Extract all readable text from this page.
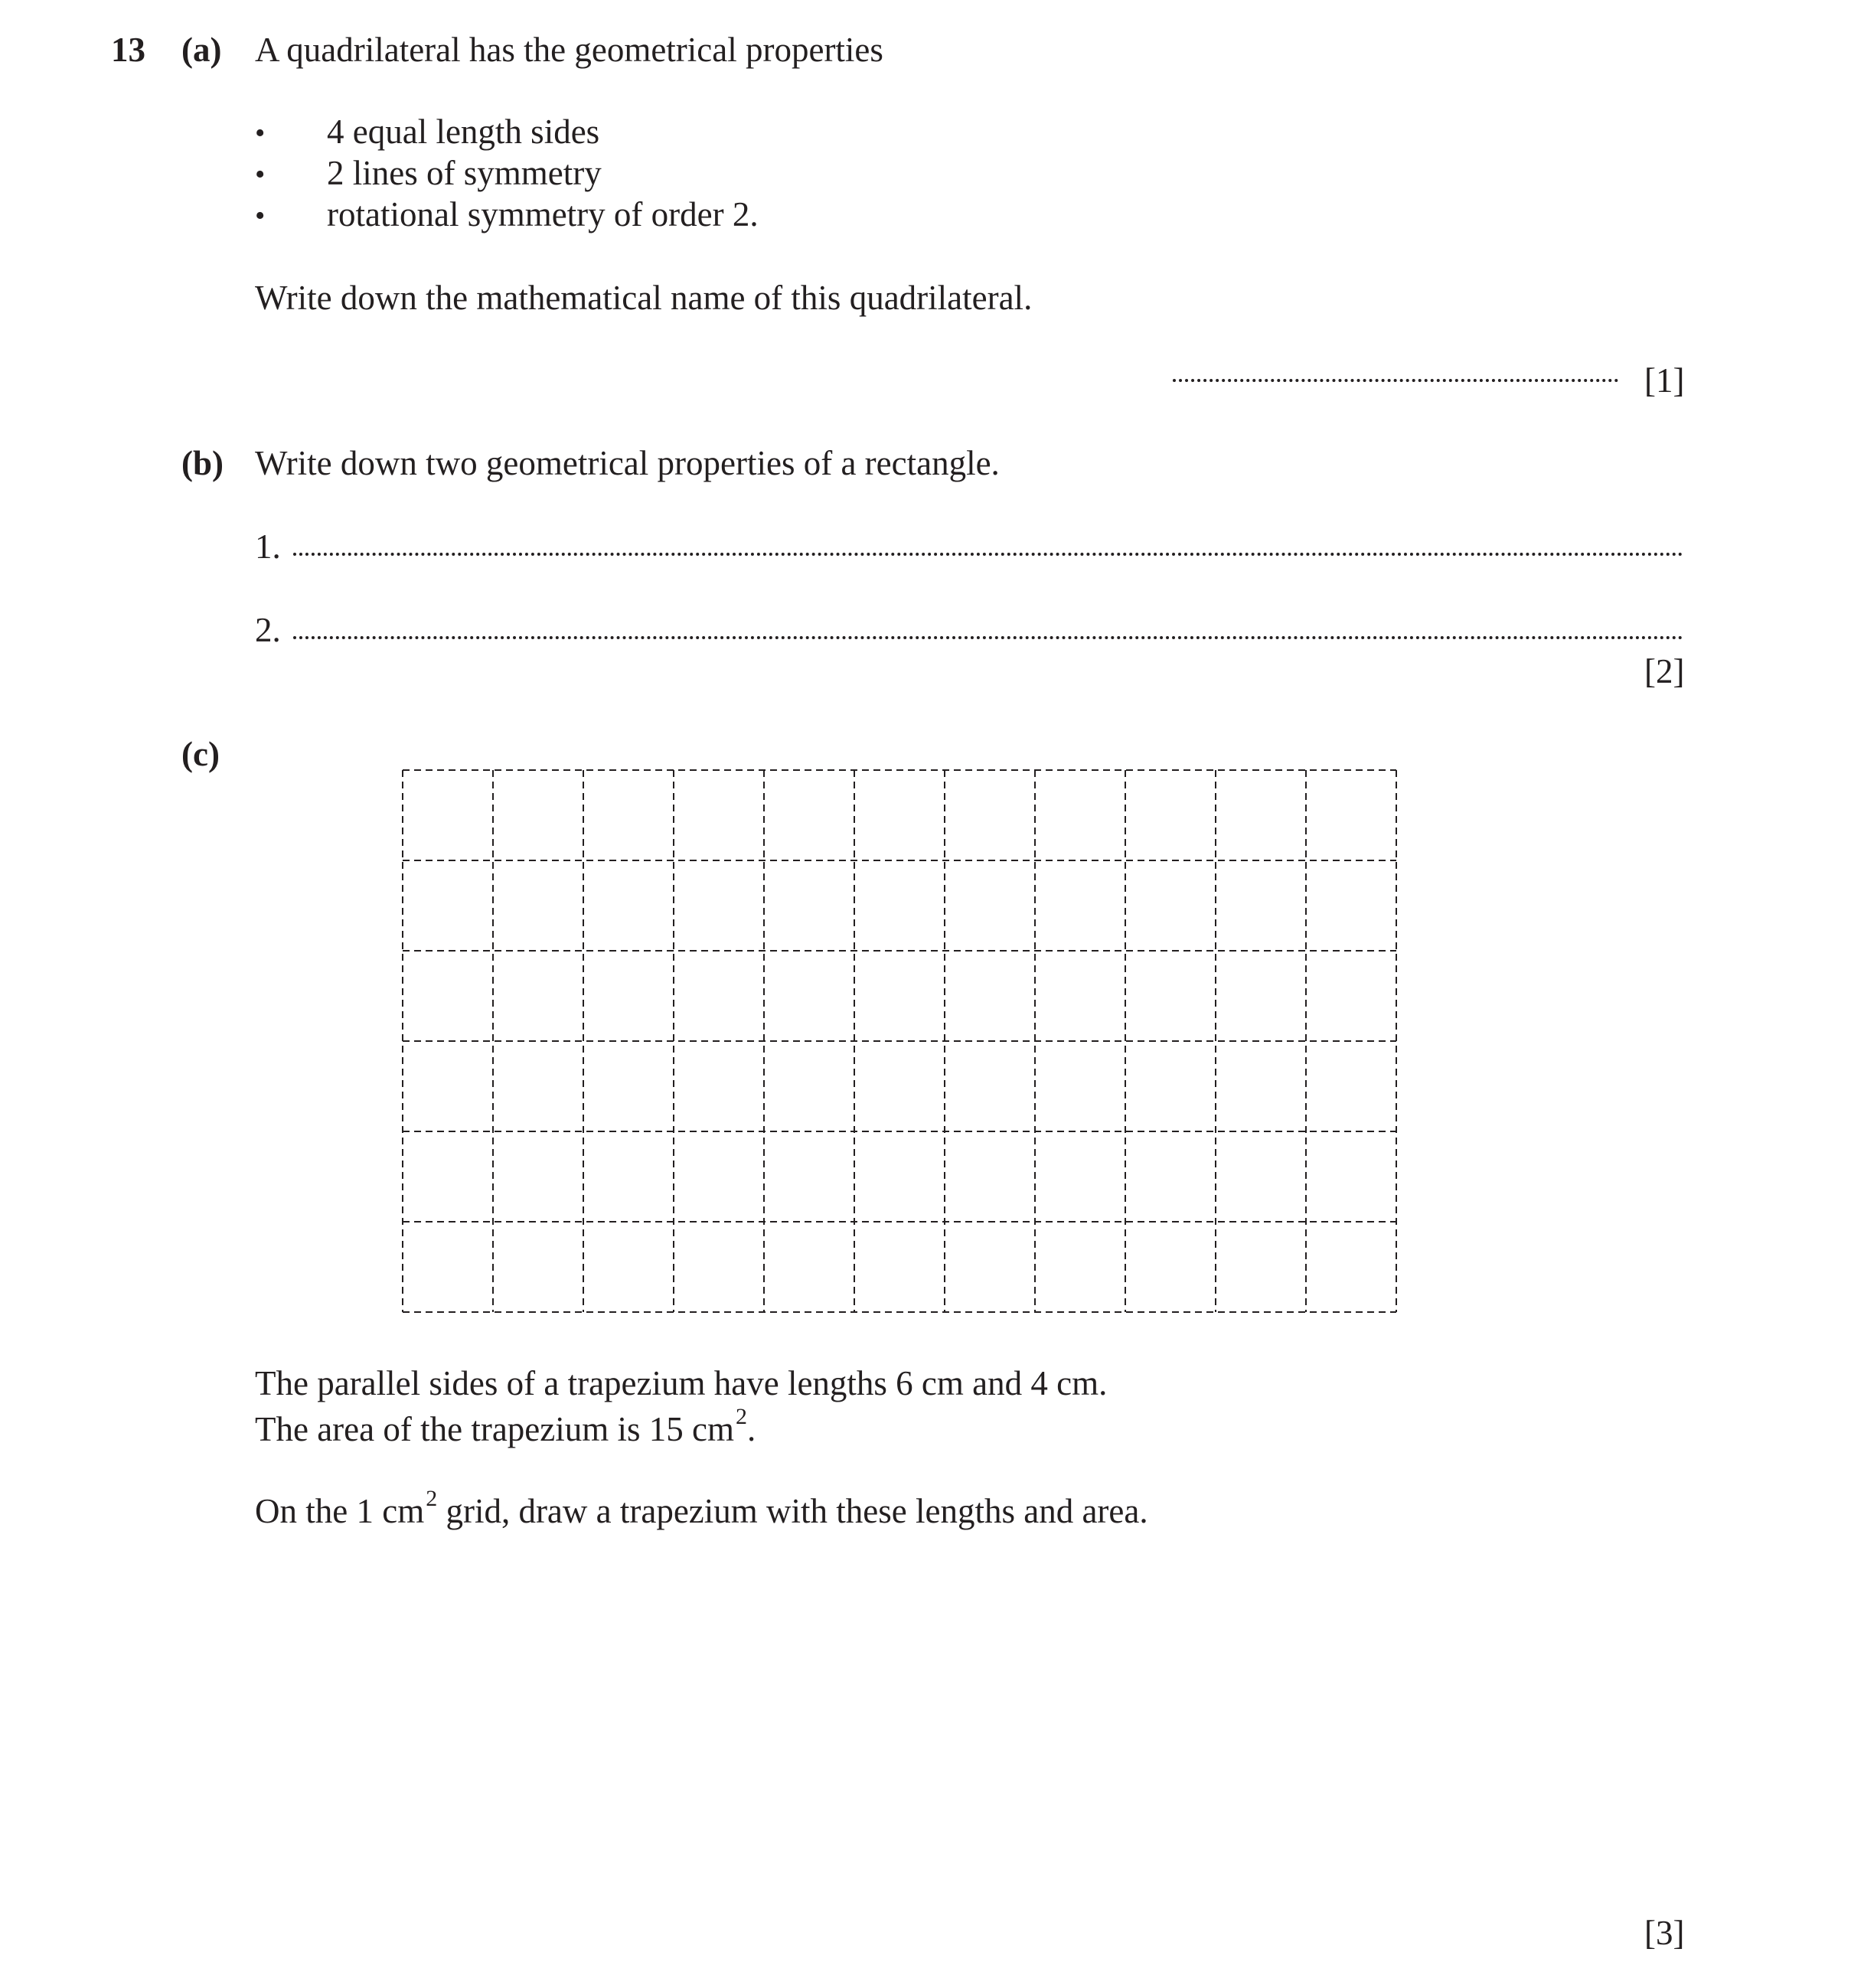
13 (a) A quadrilateral has the geometrical properties
• 4 equal length sides
• 2 lines of symmetry
• rotational symmetry of order 2.
Write down the mathematical name of this quadrilateral.
[1]
(b) Write down two geometrical properties of a rectangle.
1.
2.
[2]
(c)
The parallel sides of a trapezium have lengths 6 cm and 4 cm.
The area of the trapezium is 15 $cm^2$.
On the 1 $cm^2$ grid, draw a trapezium with these lengths and area.
[3]
